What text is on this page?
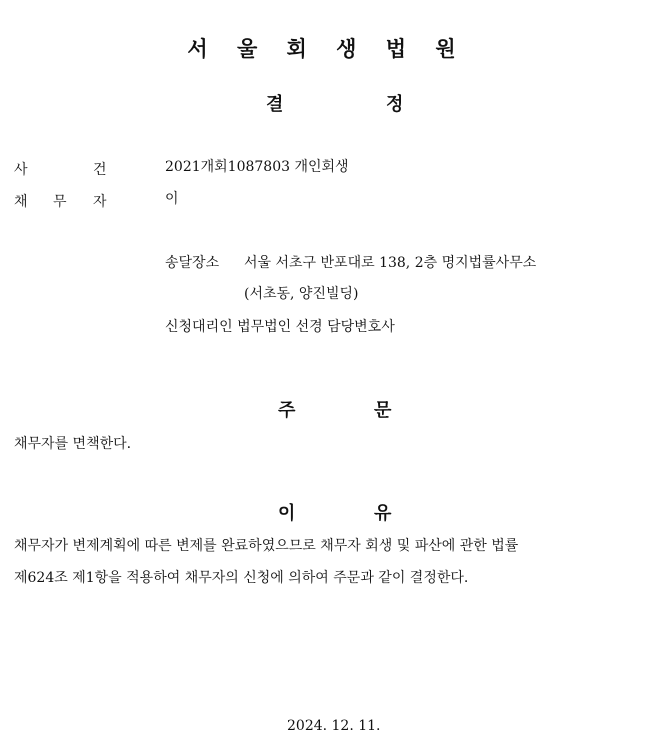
서 울 회 생 법 원
결	정
사	건	2021개회1087803 개인회생
채 무 자	이
송달장소 서울 서초구 반포대로 138, 2층 명지법률사무소
(서초동, 양진빌딩)
신청대리인 법무법인 선경 담당변호사
주	문
채무자를 면책한다.
이	유
채무자가 변제계획에 따른 변제를 완료하였으므로 채무자 회생 및 파산에 관한 법률
제624조 제1항을 적용하여 채무자의 신청에 의하여 주문과 같이 결정한다.
2024. 12. 11.
